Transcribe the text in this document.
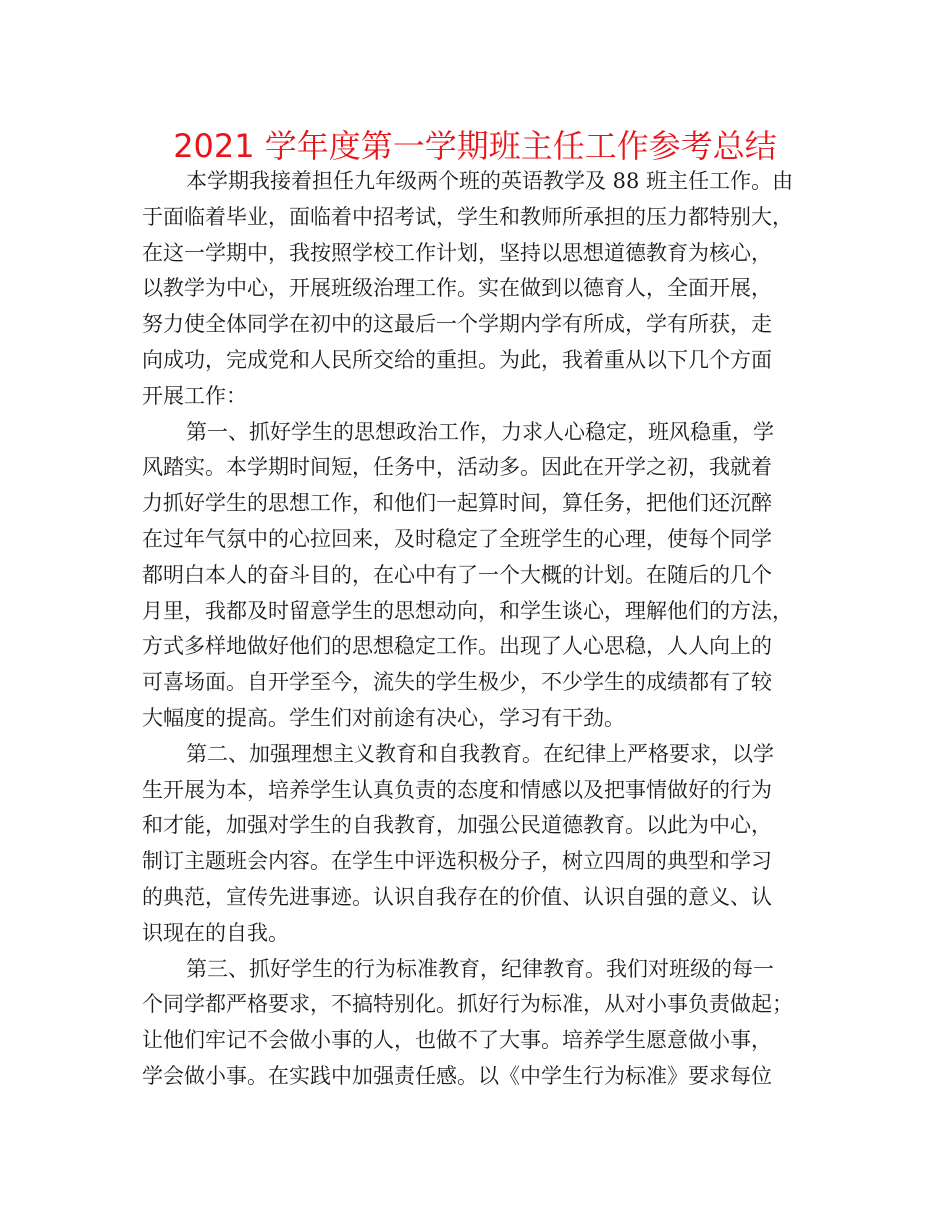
2021 学年度第一学期班主任工作参考总结
本学期我接着担任九年级两个班的英语教学及 88 班主任工作。由
于面临着毕业，面临着中招考试，学生和教师所承担的压力都特别大，
在这一学期中，我按照学校工作计划，坚持以思想道德教育为核心，
以教学为中心，开展班级治理工作。实在做到以德育人，全面开展，
努力使全体同学在初中的这最后一个学期内学有所成，学有所获，走
向成功，完成党和人民所交给的重担。为此，我着重从以下几个方面
开展工作：
第一、抓好学生的思想政治工作，力求人心稳定，班风稳重，学
风踏实。本学期时间短，任务中，活动多。因此在开学之初，我就着
力抓好学生的思想工作，和他们一起算时间，算任务，把他们还沉醉
在过年气氛中的心拉回来，及时稳定了全班学生的心理，使每个同学
都明白本人的奋斗目的，在心中有了一个大概的计划。在随后的几个
月里，我都及时留意学生的思想动向，和学生谈心，理解他们的方法，
方式多样地做好他们的思想稳定工作。出现了人心思稳，人人向上的
可喜场面。自开学至今，流失的学生极少，不少学生的成绩都有了较
大幅度的提高。学生们对前途有决心，学习有干劲。
第二、加强理想主义教育和自我教育。在纪律上严格要求，以学
生开展为本，培养学生认真负责的态度和情感以及把事情做好的行为
和才能，加强对学生的自我教育，加强公民道德教育。以此为中心，
制订主题班会内容。在学生中评选积极分子，树立四周的典型和学习
的典范，宣传先进事迹。认识自我存在的价值、认识自强的意义、认
识现在的自我。
第三、抓好学生的行为标准教育，纪律教育。我们对班级的每一
个同学都严格要求，不搞特别化。抓好行为标准，从对小事负责做起；
让他们牢记不会做小事的人，也做不了大事。培养学生愿意做小事，
学会做小事。在实践中加强责任感。以《中学生行为标准》要求每位
